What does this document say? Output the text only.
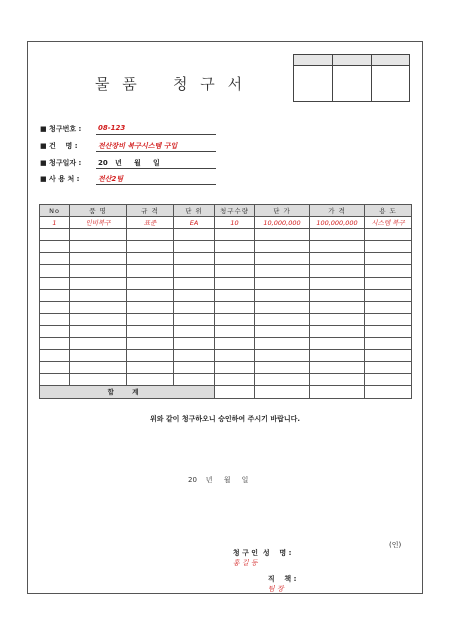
물 품   청 구 서
■ 청구번호 : 08-123
■ 건    명 :	전산장비 복구시스템 구입
■ 청구일자 : 20   년     월     일
■ 사 용 처 :	전산2팀
No	품 명	규 격	단 위	청구수량	단 가	가 격	용 도
1	인비복구	표준	EA	10	10,000,000	100,000,000	시스템 복구

합 계							
위와 같이 청구하오니 승인하여 주시기 바랍니다.
20    년     월     일

청 구 인  성    명 :
홍 길 동

(인)

직    책 :
팀 장
